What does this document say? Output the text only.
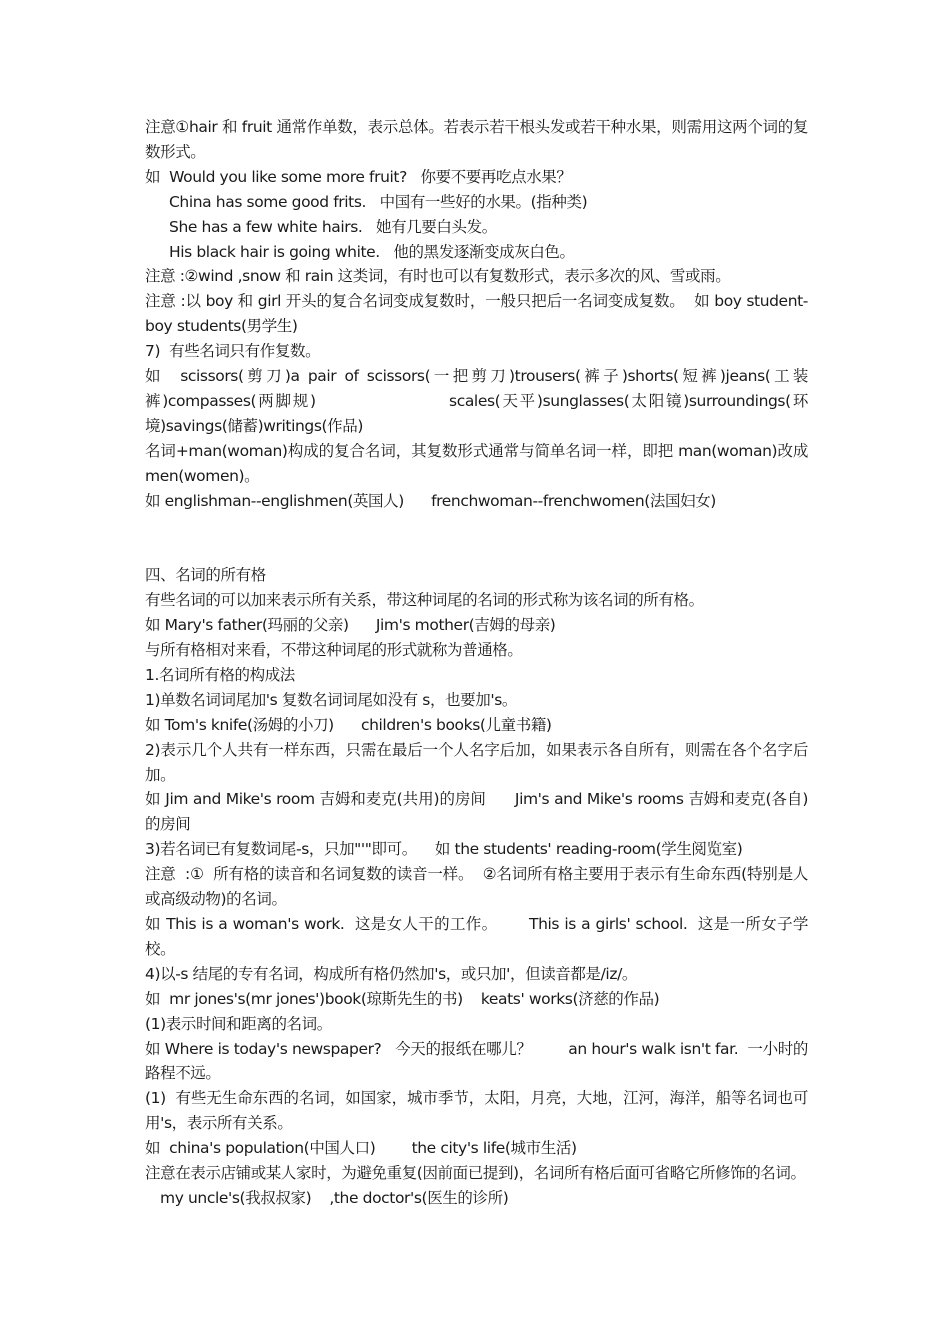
注意①hair 和 fruit 通常作单数，表示总体。若表示若干根头发或若干种水果，则需用这两个词的复数形式。

如  Would you like some more fruit?   你要不要再吃点水果？

China has some good frits.   中国有一些好的水果。(指种类)

She has a few white hairs.   她有几要白头发。

His black hair is going white.   他的黑发逐渐变成灰白色。

注意 :②wind ,snow 和 rain 这类词，有时也可以有复数形式，表示多次的风、雪或雨。

注意 :以 boy 和 girl 开头的复合名词变成复数时，一般只把后一名词变成复数。  如 boy student-boy students(男学生)

7)  有些名词只有作复数。

如  scissors(剪刀)a pair of scissors(一把剪刀)trousers(裤子)shorts(短裤)jeans(工装裤)compasses(两脚规)                    scales(天平)sunglasses(太阳镜)surroundings(环境)savings(储蓄)writings(作品)

名词+man(woman)构成的复合名词，其复数形式通常与简单名词一样，即把 man(woman)改成 men(women)。

如 englishman--englishmen(英国人)      frenchwoman--frenchwomen(法国妇女)

四、名词的所有格

有些名词的可以加来表示所有关系，带这种词尾的名词的形式称为该名词的所有格。

如 Mary's father(玛丽的父亲)      Jim's mother(吉姆的母亲)

与所有格相对来看，不带这种词尾的形式就称为普通格。

1.名词所有格的构成法

1)单数名词词尾加's 复数名词词尾如没有 s，也要加's。

如 Tom's knife(汤姆的小刀)      children's books(儿童书籍)

2)表示几个人共有一样东西，只需在最后一个人名字后加，如果表示各自所有，则需在各个名字后加。

如 Jim and Mike's room 吉姆和麦克(共用)的房间      Jim's and Mike's rooms 吉姆和麦克(各自)的房间

3)若名词已有复数词尾-s，只加"'"即可。    如 the students' reading-room(学生阅览室)

注意  :①  所有格的读音和名词复数的读音一样。  ②名词所有格主要用于表示有生命东西(特别是人或高级动物)的名词。

如 This is a woman's work.  这是女人干的工作。      This is a girls' school.  这是一所女子学校。

4)以-s 结尾的专有名词，构成所有格仍然加's，或只加'，但读音都是/iz/。

如  mr jones's(mr jones')book(琼斯先生的书)    keats' works(济慈的作品)

(1)表示时间和距离的名词。

如 Where is today's newspaper?   今天的报纸在哪儿？        an hour's walk isn't far.  一小时的路程不远。

(1)  有些无生命东西的名词，如国家，城市季节，太阳，月亮，大地，江河，海洋，船等名词也可用's，表示所有关系。

如  china's population(中国人口)        the city's life(城市生活)

注意在表示店铺或某人家时，为避免重复(因前面已提到)，名词所有格后面可省略它所修饰的名词。

my uncle's(我叔叔家)    ,the doctor's(医生的诊所)
